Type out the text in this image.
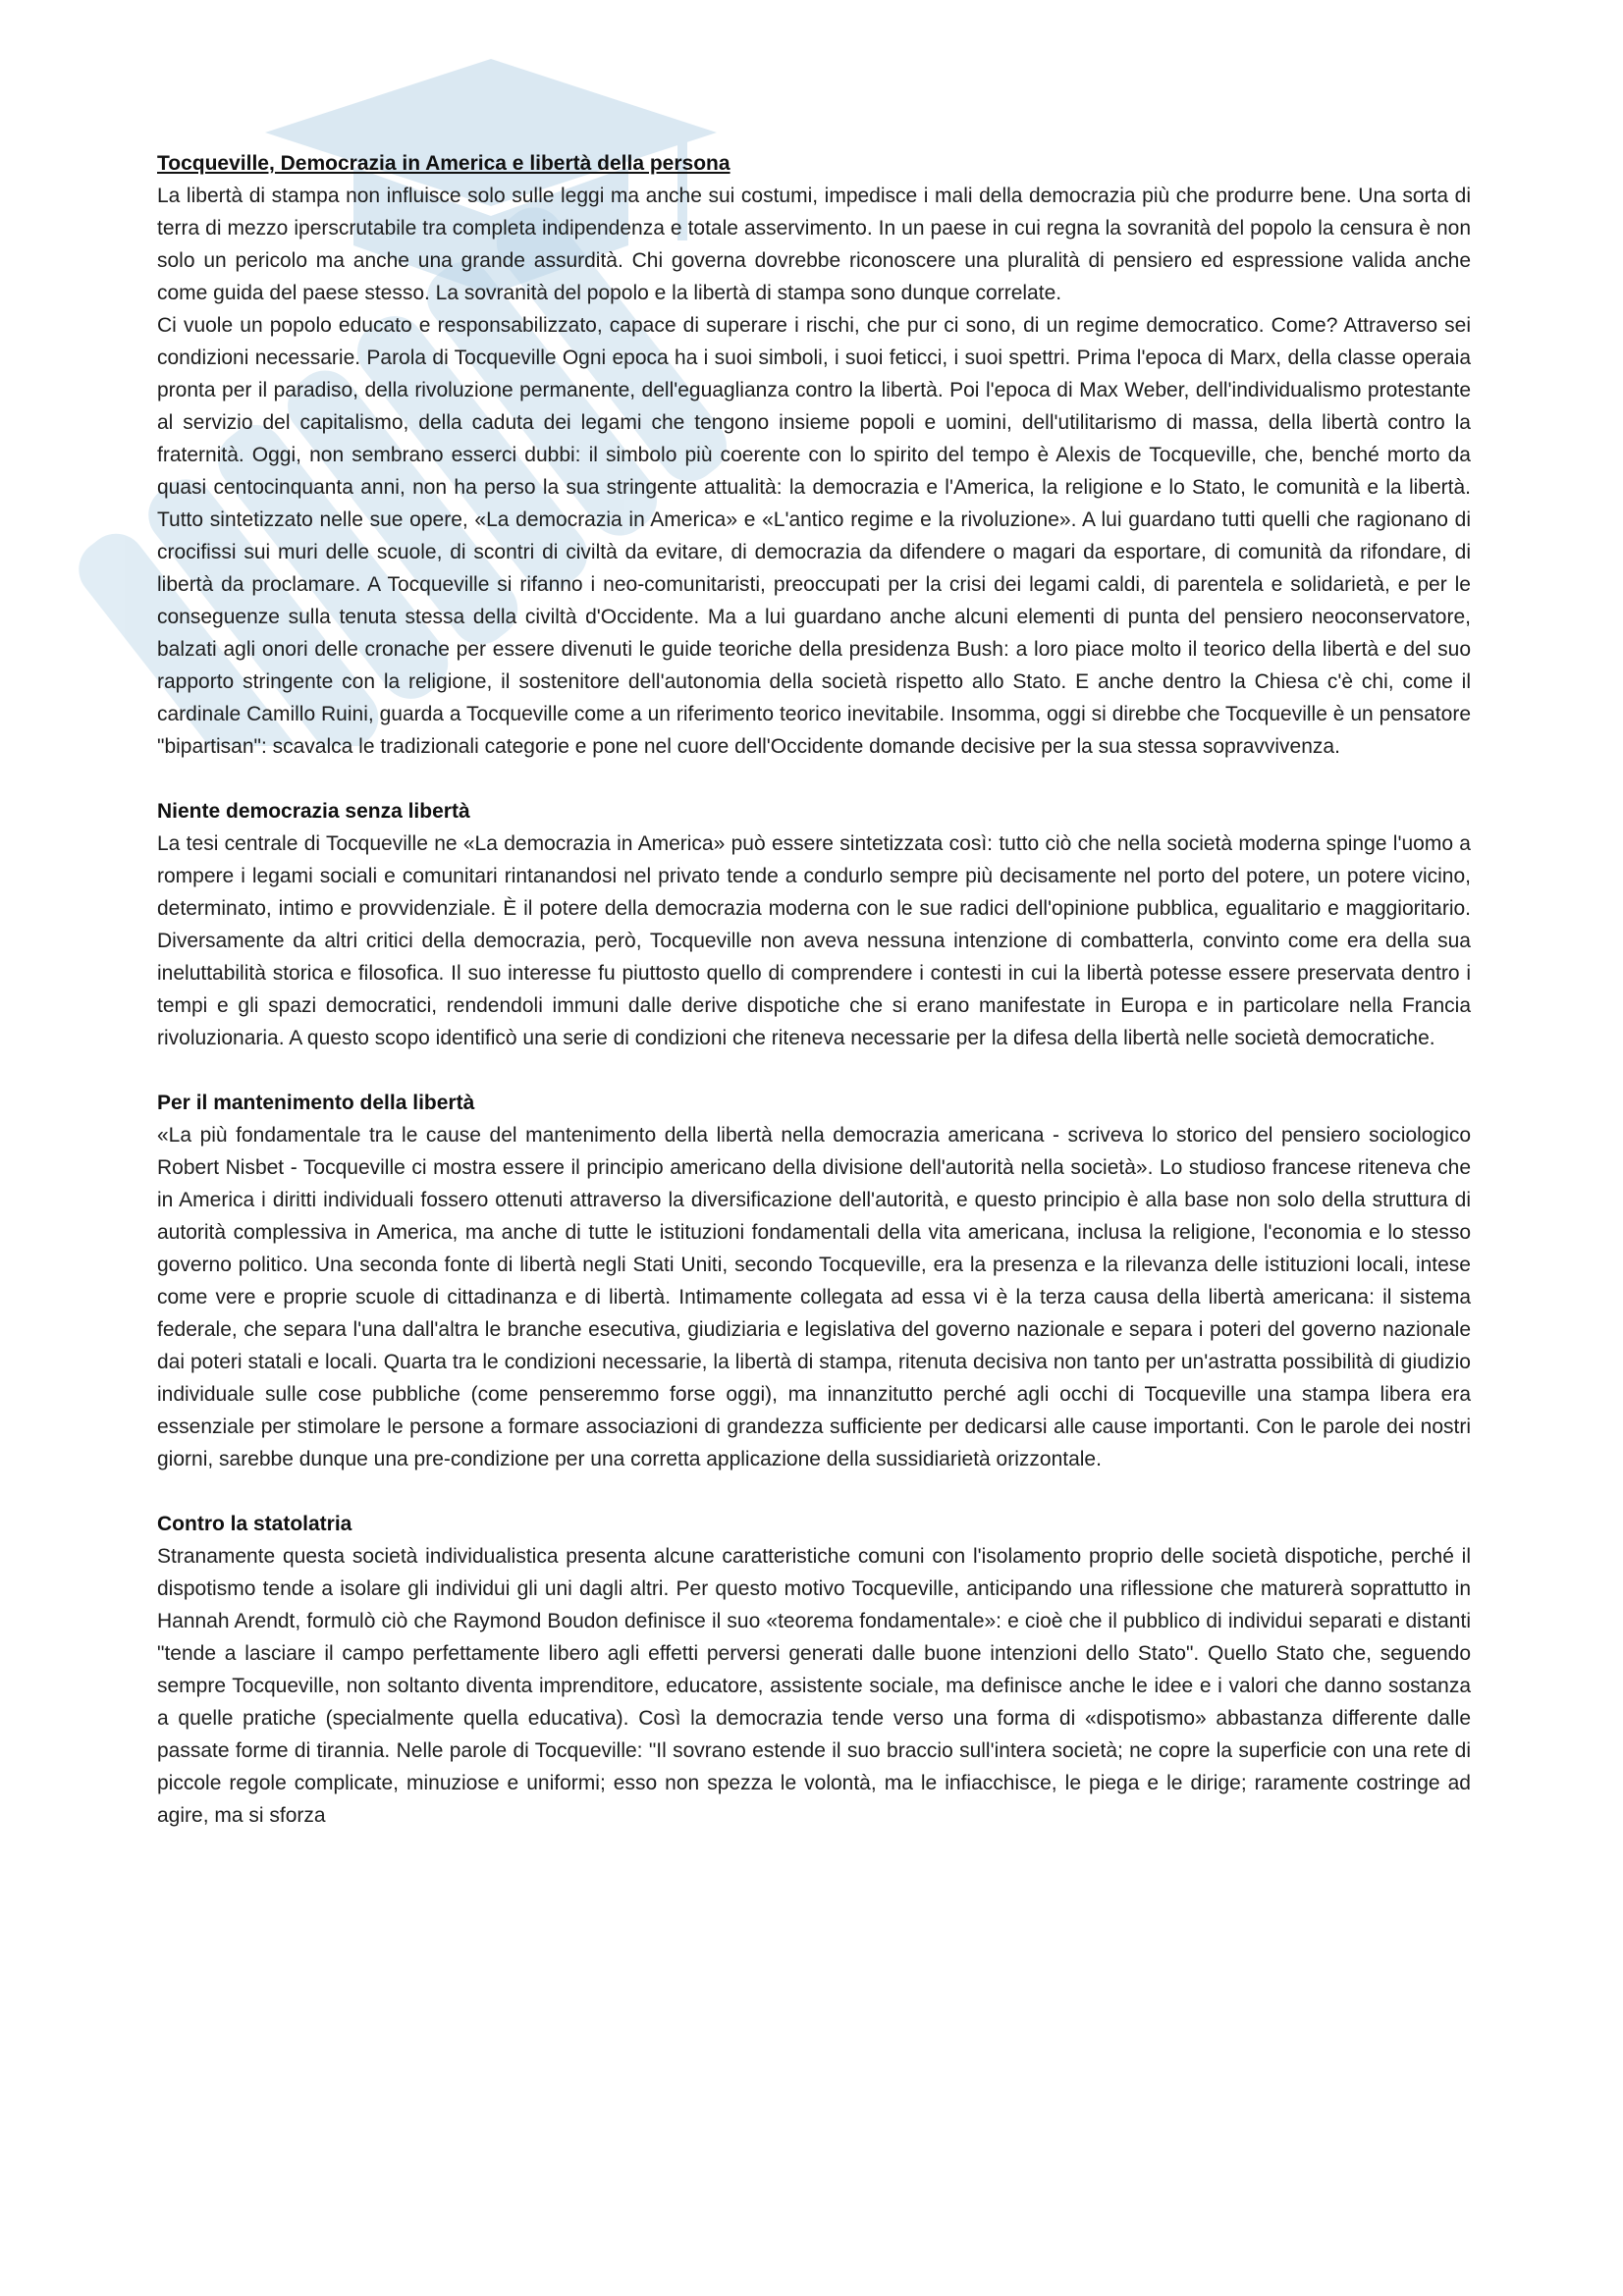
Tocqueville, Democrazia in America e libertà della persona

La libertà di stampa non influisce solo sulle leggi ma anche sui costumi, impedisce i mali della democrazia più che produrre bene. Una sorta di terra di mezzo iperscrutabile tra completa indipendenza e totale asservimento. In un paese in cui regna la sovranità del popolo la censura è non solo un pericolo ma anche una grande assurdità. Chi governa dovrebbe riconoscere una pluralità di pensiero ed espressione valida anche come guida del paese stesso. La sovranità del popolo e la libertà di stampa sono dunque correlate.

Ci vuole un popolo educato e responsabilizzato, capace di superare i rischi, che pur ci sono, di un regime democratico. Come? Attraverso sei condizioni necessarie. Parola di Tocqueville Ogni epoca ha i suoi simboli, i suoi feticci, i suoi spettri. Prima l'epoca di Marx, della classe operaia pronta per il paradiso, della rivoluzione permanente, dell'eguaglianza contro la libertà. Poi l'epoca di Max Weber, dell'individualismo protestante al servizio del capitalismo, della caduta dei legami che tengono insieme popoli e uomini, dell'utilitarismo di massa, della libertà contro la fraternità. Oggi, non sembrano esserci dubbi: il simbolo più coerente con lo spirito del tempo è Alexis de Tocqueville, che, benché morto da quasi centocinquanta anni, non ha perso la sua stringente attualità: la democrazia e l'America, la religione e lo Stato, le comunità e la libertà. Tutto sintetizzato nelle sue opere, «La democrazia in America» e «L'antico regime e la rivoluzione». A lui guardano tutti quelli che ragionano di crocifissi sui muri delle scuole, di scontri di civiltà da evitare, di democrazia da difendere o magari da esportare, di comunità da rifondare, di libertà da proclamare. A Tocqueville si rifanno i neo-comunitaristi, preoccupati per la crisi dei legami caldi, di parentela e solidarietà, e per le conseguenze sulla tenuta stessa della civiltà d'Occidente. Ma a lui guardano anche alcuni elementi di punta del pensiero neoconservatore, balzati agli onori delle cronache per essere divenuti le guide teoriche della presidenza Bush: a loro piace molto il teorico della libertà e del suo rapporto stringente con la religione, il sostenitore dell'autonomia della società rispetto allo Stato. E anche dentro la Chiesa c'è chi, come il cardinale Camillo Ruini, guarda a Tocqueville come a un riferimento teorico inevitabile. Insomma, oggi si direbbe che Tocqueville è un pensatore "bipartisan": scavalca le tradizionali categorie e pone nel cuore dell'Occidente domande decisive per la sua stessa sopravvivenza.

Niente democrazia senza libertà

La tesi centrale di Tocqueville ne «La democrazia in America» può essere sintetizzata così: tutto ciò che nella società moderna spinge l'uomo a rompere i legami sociali e comunitari rintanandosi nel privato tende a condurlo sempre più decisamente nel porto del potere, un potere vicino, determinato, intimo e provvidenziale. È il potere della democrazia moderna con le sue radici dell'opinione pubblica, egualitario e maggioritario. Diversamente da altri critici della democrazia, però, Tocqueville non aveva nessuna intenzione di combatterla, convinto come era della sua ineluttabilità storica e filosofica. Il suo interesse fu piuttosto quello di comprendere i contesti in cui la libertà potesse essere preservata dentro i tempi e gli spazi democratici, rendendoli immuni dalle derive dispotiche che si erano manifestate in Europa e in particolare nella Francia rivoluzionaria. A questo scopo identificò una serie di condizioni che riteneva necessarie per la difesa della libertà nelle società democratiche.

Per il mantenimento della libertà

«La più fondamentale tra le cause del mantenimento della libertà nella democrazia americana - scriveva lo storico del pensiero sociologico Robert Nisbet - Tocqueville ci mostra essere il principio americano della divisione dell'autorità nella società». Lo studioso francese riteneva che in America i diritti individuali fossero ottenuti attraverso la diversificazione dell'autorità, e questo principio è alla base non solo della struttura di autorità complessiva in America, ma anche di tutte le istituzioni fondamentali della vita americana, inclusa la religione, l'economia e lo stesso governo politico. Una seconda fonte di libertà negli Stati Uniti, secondo Tocqueville, era la presenza e la rilevanza delle istituzioni locali, intese come vere e proprie scuole di cittadinanza e di libertà. Intimamente collegata ad essa vi è la terza causa della libertà americana: il sistema federale, che separa l'una dall'altra le branche esecutiva, giudiziaria e legislativa del governo nazionale e separa i poteri del governo nazionale dai poteri statali e locali. Quarta tra le condizioni necessarie, la libertà di stampa, ritenuta decisiva non tanto per un'astratta possibilità di giudizio individuale sulle cose pubbliche (come penseremmo forse oggi), ma innanzitutto perché agli occhi di Tocqueville una stampa libera era essenziale per stimolare le persone a formare associazioni di grandezza sufficiente per dedicarsi alle cause importanti. Con le parole dei nostri giorni, sarebbe dunque una pre-condizione per una corretta applicazione della sussidiarietà orizzontale.

Contro la statolatria

Stranamente questa società individualistica presenta alcune caratteristiche comuni con l'isolamento proprio delle società dispotiche, perché il dispotismo tende a isolare gli individui gli uni dagli altri. Per questo motivo Tocqueville, anticipando una riflessione che maturerà soprattutto in Hannah Arendt, formulò ciò che Raymond Boudon definisce il suo «teorema fondamentale»: e cioè che il pubblico di individui separati e distanti "tende a lasciare il campo perfettamente libero agli effetti perversi generati dalle buone intenzioni dello Stato". Quello Stato che, seguendo sempre Tocqueville, non soltanto diventa imprenditore, educatore, assistente sociale, ma definisce anche le idee e i valori che danno sostanza a quelle pratiche (specialmente quella educativa). Così la democrazia tende verso una forma di «dispotismo» abbastanza differente dalle passate forme di tirannia. Nelle parole di Tocqueville: "Il sovrano estende il suo braccio sull'intera società; ne copre la superficie con una rete di piccole regole complicate, minuziose e uniformi; esso non spezza le volontà, ma le infiacchisce, le piega e le dirige; raramente costringe ad agire, ma si sforza
